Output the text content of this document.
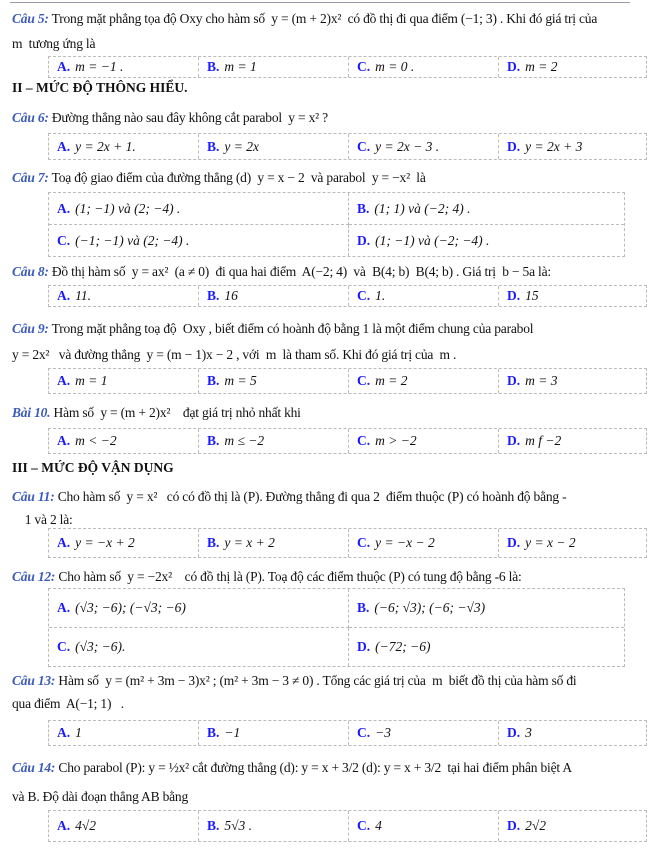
Câu 5: Trong mặt phẳng tọa độ Oxy cho hàm số  y = (m + 2)x²  có đồ thị đi qua điểm (−1; 3) . Khi đó giá trị của
m  tương ứng là
A. m = −1 .	B. m = 1	C. m = 0 .	D. m = 2
II – MỨC ĐỘ THÔNG HIỂU.
Câu 6: Đường thẳng nào sau đây không cắt parabol  y = x² ?
A. y = 2x + 1.	B. y = 2x	C. y = 2x − 3 .	D. y = 2x + 3
Câu 7: Toạ độ giao điểm của đường thẳng (d)  y = x − 2  và parabol  y = −x²  là
A. (1; −1) và (2; −4) .	B. (1; 1) và (−2; 4) .
C. (−1; −1) và (2; −4) .	D. (1; −1) và (−2; −4) .
Câu 8: Đồ thị hàm số  y = ax²  (a ≠ 0)  đi qua hai điểm  A(−2; 4)  và  B(4; b)  B(4; b) . Giá trị  b − 5a là:
A. 11.	B. 16	C. 1.	D. 15
Câu 9: Trong mặt phẳng toạ độ  Oxy , biết điểm có hoành độ bằng 1 là một điểm chung của parabol
y = 2x²   và đường thẳng  y = (m − 1)x − 2 , với  m  là tham số. Khi đó giá trị của  m .
A. m = 1	B. m = 5	C. m = 2	D. m = 3
Bài 10. Hàm số  y = (m + 2)x²    đạt giá trị nhỏ nhất khi
A. m < −2	B. m ≤ −2	C. m > −2	D. m f −2
III – MỨC ĐỘ VẬN DỤNG
Câu 11: Cho hàm số  y = x²   có có đồ thị là (P). Đường thẳng đi qua 2  điểm thuộc (P) có hoành độ bằng -
1 và 2 là:
A. y = −x + 2	B. y = x + 2	C. y = −x − 2	D. y = x − 2
Câu 12: Cho hàm số  y = −2x²    có đồ thị là (P). Toạ độ các điểm thuộc (P) có tung độ bằng -6 là:
A. (√3; −6); (−√3; −6)	B. (−6; √3); (−6; −√3)
C. (√3; −6).	D. (−72; −6)
Câu 13: Hàm số  y = (m² + 3m − 3)x² ; (m² + 3m − 3 ≠ 0) . Tổng các giá trị của  m  biết đồ thị của hàm số đi
qua điểm  A(−1; 1)   .
A. 1	B. −1	C. −3	D. 3
Câu 14: Cho parabol (P): y = ½x² cắt đường thẳng (d): y = x + 3/2 (d): y = x + 3/2  tại hai điểm phân biệt A
và B. Độ dài đoạn thẳng AB bằng
A. 4√2	B. 5√3 .	C. 4	D. 2√2
